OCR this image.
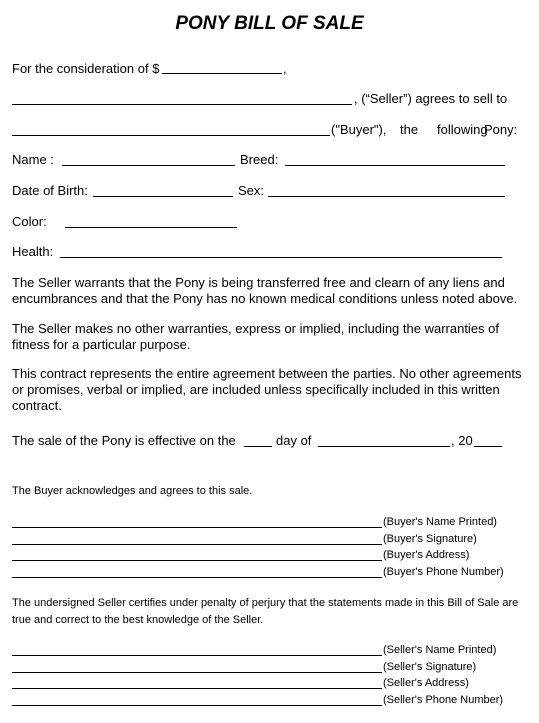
PONY BILL OF SALE
For the consideration of $	,
, (“Seller”) agrees to sell to
("Buyer"), the following
Pony:
Name :	Breed:
Date of Birth:	Sex:
Color:
Health:
The Seller warrants that the Pony is being transferred free and clearn of any liens and encumbrances and that the Pony has no known medical conditions unless noted above.
The Seller makes no other warranties, express or implied, including the warranties of fitness for a particular purpose.
This contract represents the entire agreement between the parties. No other agreements or promises, verbal or implied, are included unless specifically included in this written contract.
The sale of the Pony is effective on the	day of	, 20
The Buyer acknowledges and agrees to this sale.
(Buyer's Name Printed)
(Buyer's Signature)
(Buyer's Address)
(Buyer's Phone Number)
The undersigned Seller certifies under penalty of perjury that the statements made in this Bill of Sale are true and correct to the best knowledge of the Seller.
(Seller's Name Printed)
(Seller's Signature)
(Seller's Address)
(Seller's Phone Number)
